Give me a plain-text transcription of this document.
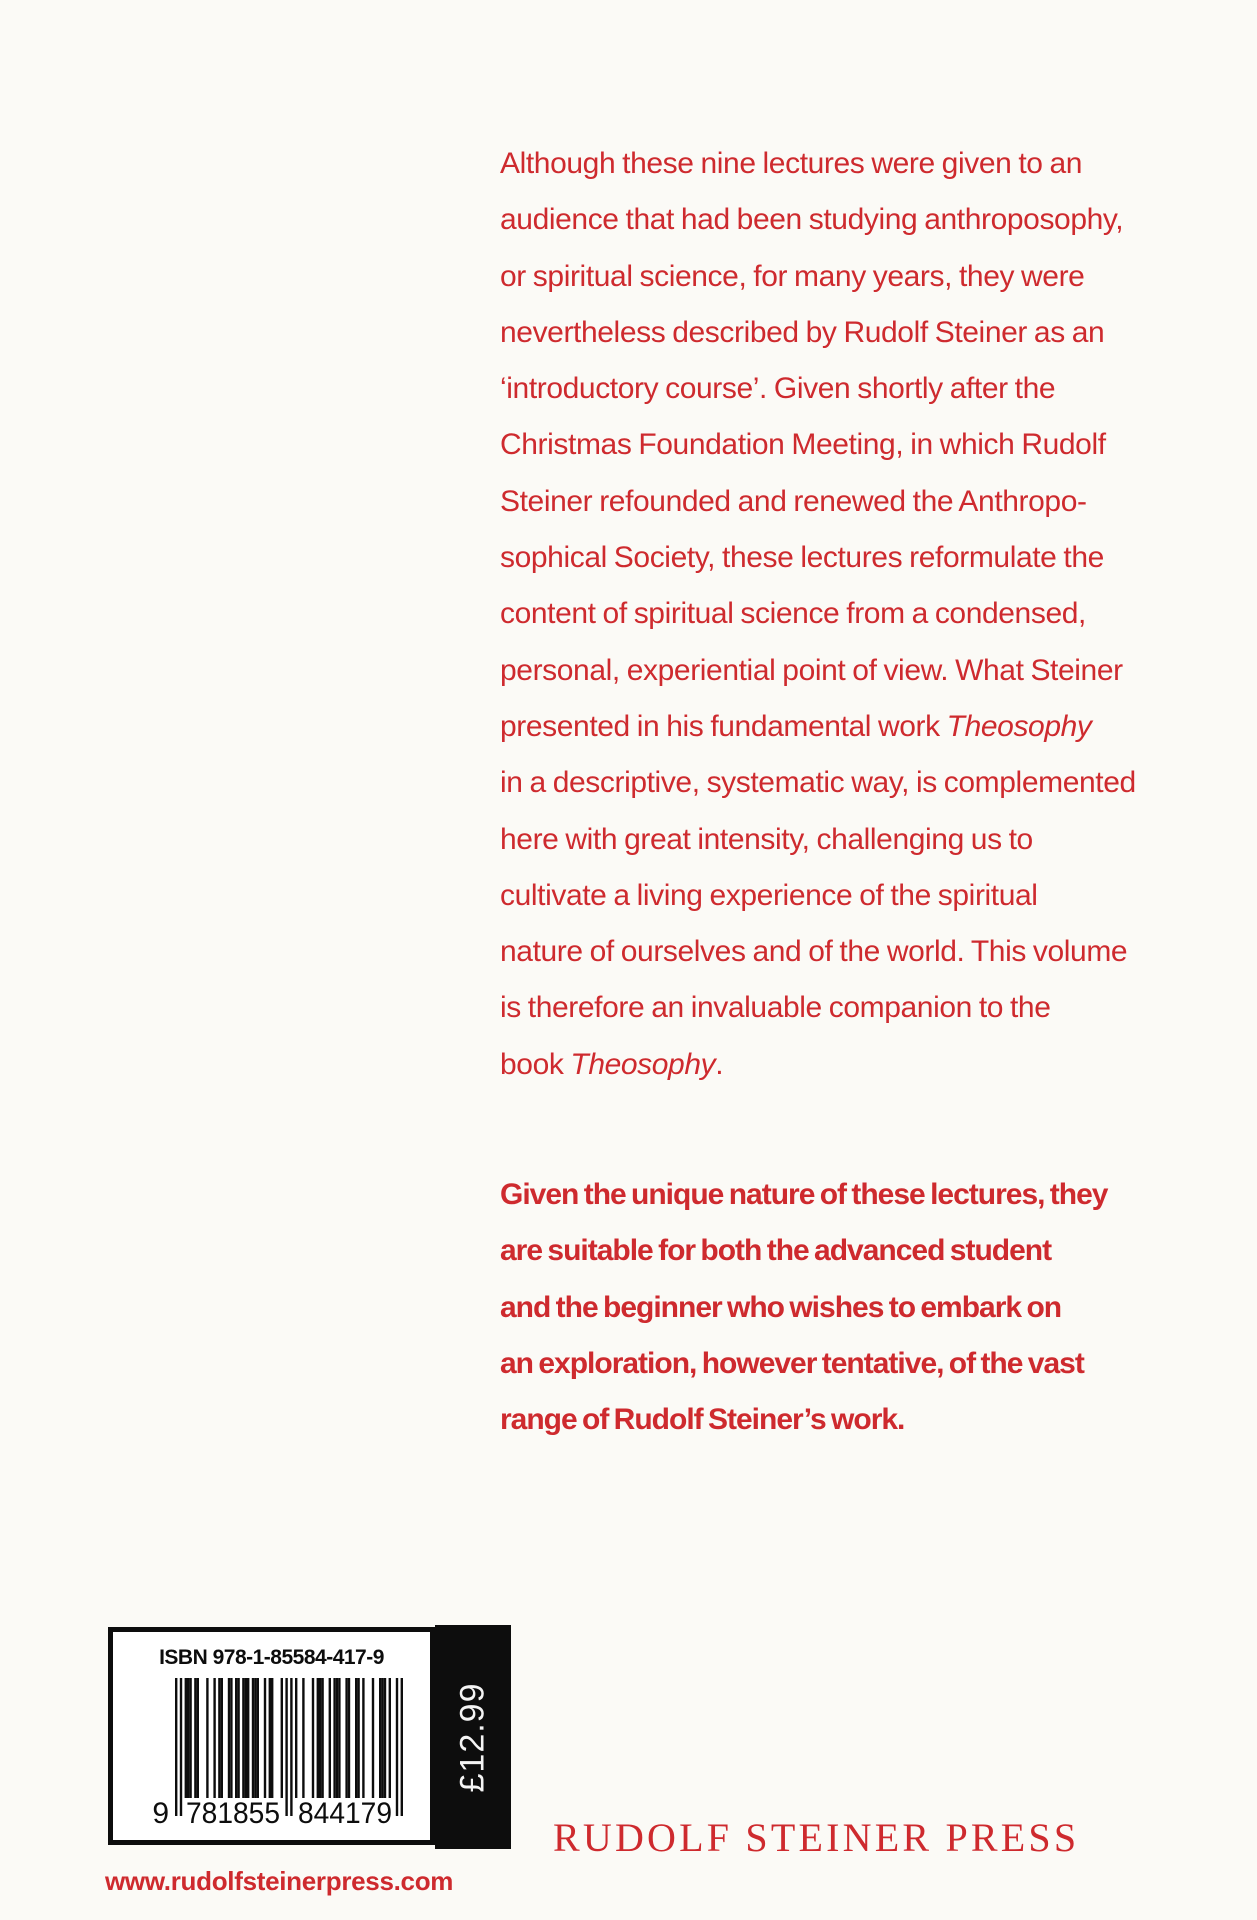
Although these nine lectures were given to an
audience that had been studying anthroposophy,
or spiritual science, for many years, they were
nevertheless described by Rudolf Steiner as an
‘introductory course’. Given shortly after the
Christmas Foundation Meeting, in which Rudolf
Steiner refounded and renewed the Anthropo-
sophical Society, these lectures reformulate the
content of spiritual science from a condensed,
personal, experiential point of view. What Steiner
presented in his fundamental work Theosophy
in a descriptive, systematic way, is complemented
here with great intensity, challenging us to
cultivate a living experience of the spiritual
nature of ourselves and of the world. This volume
is therefore an invaluable companion to the
book Theosophy.
Given the unique nature of these lectures, they
are suitable for both the advanced student
and the beginner who wishes to embark on
an exploration, however tentative, of the vast
range of Rudolf Steiner’s work.
ISBN 978-1-85584-417-9
9 781855 844179
£12.99
RUDOLF STEINER PRESS
www.rudolfsteinerpress.com
